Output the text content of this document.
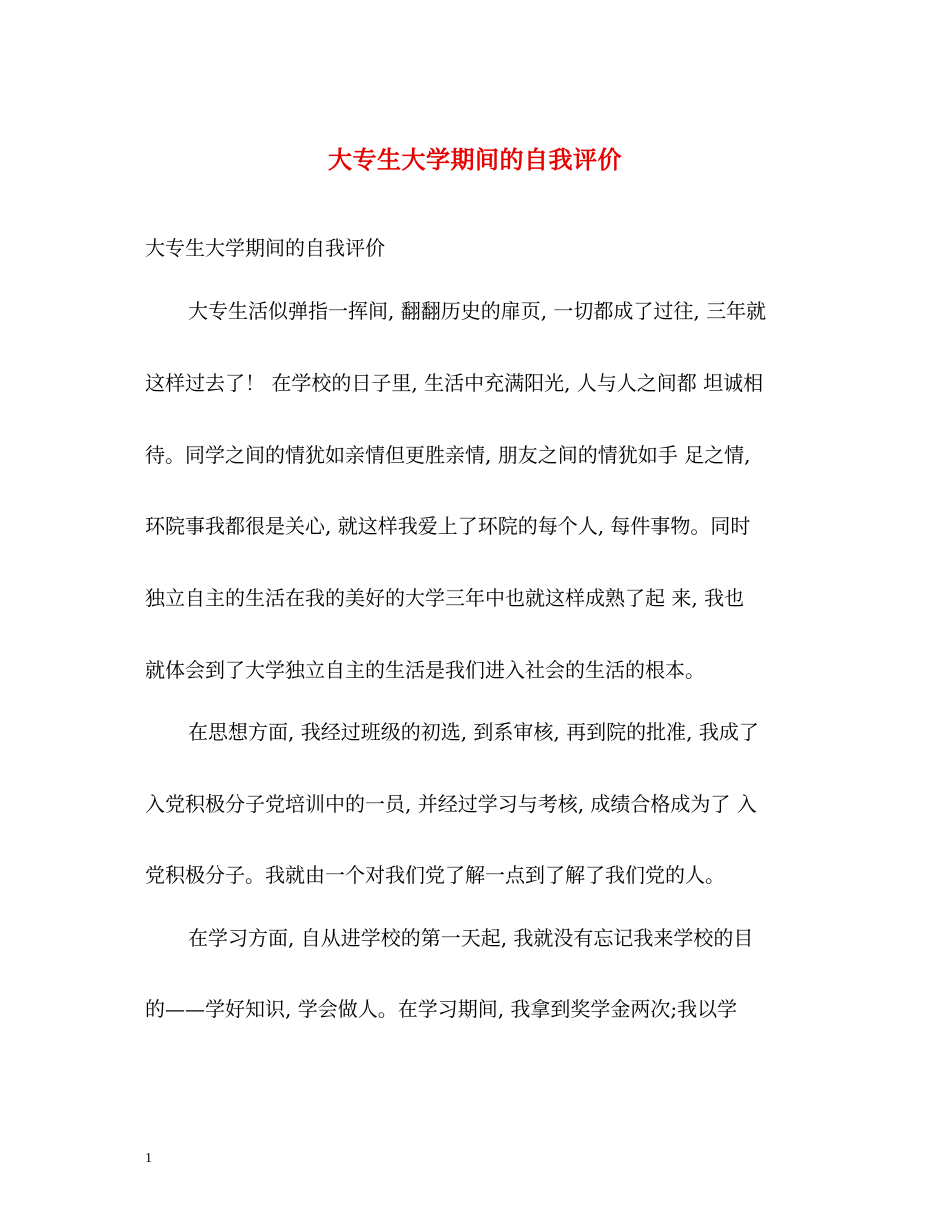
大专生大学期间的自我评价
大专生大学期间的自我评价
大专生活似弹指一挥间, 翻翻历史的扉页, 一切都成了过往, 三年就
这样过去了！ 在学校的日子里, 生活中充满阳光, 人与人之间都 坦诚相
待。同学之间的情犹如亲情但更胜亲情, 朋友之间的情犹如手 足之情,
环院事我都很是关心, 就这样我爱上了环院的每个人, 每件事物。同时
独立自主的生活在我的美好的大学三年中也就这样成熟了起 来, 我也
就体会到了大学独立自主的生活是我们进入社会的生活的根本。
在思想方面, 我经过班级的初选, 到系审核, 再到院的批准, 我成了
入党积极分子党培训中的一员, 并经过学习与考核, 成绩合格成为了 入
党积极分子。我就由一个对我们党了解一点到了解了我们党的人。
在学习方面, 自从进学校的第一天起, 我就没有忘记我来学校的目
的——学好知识, 学会做人。在学习期间, 我拿到奖学金两次;我以学
1
